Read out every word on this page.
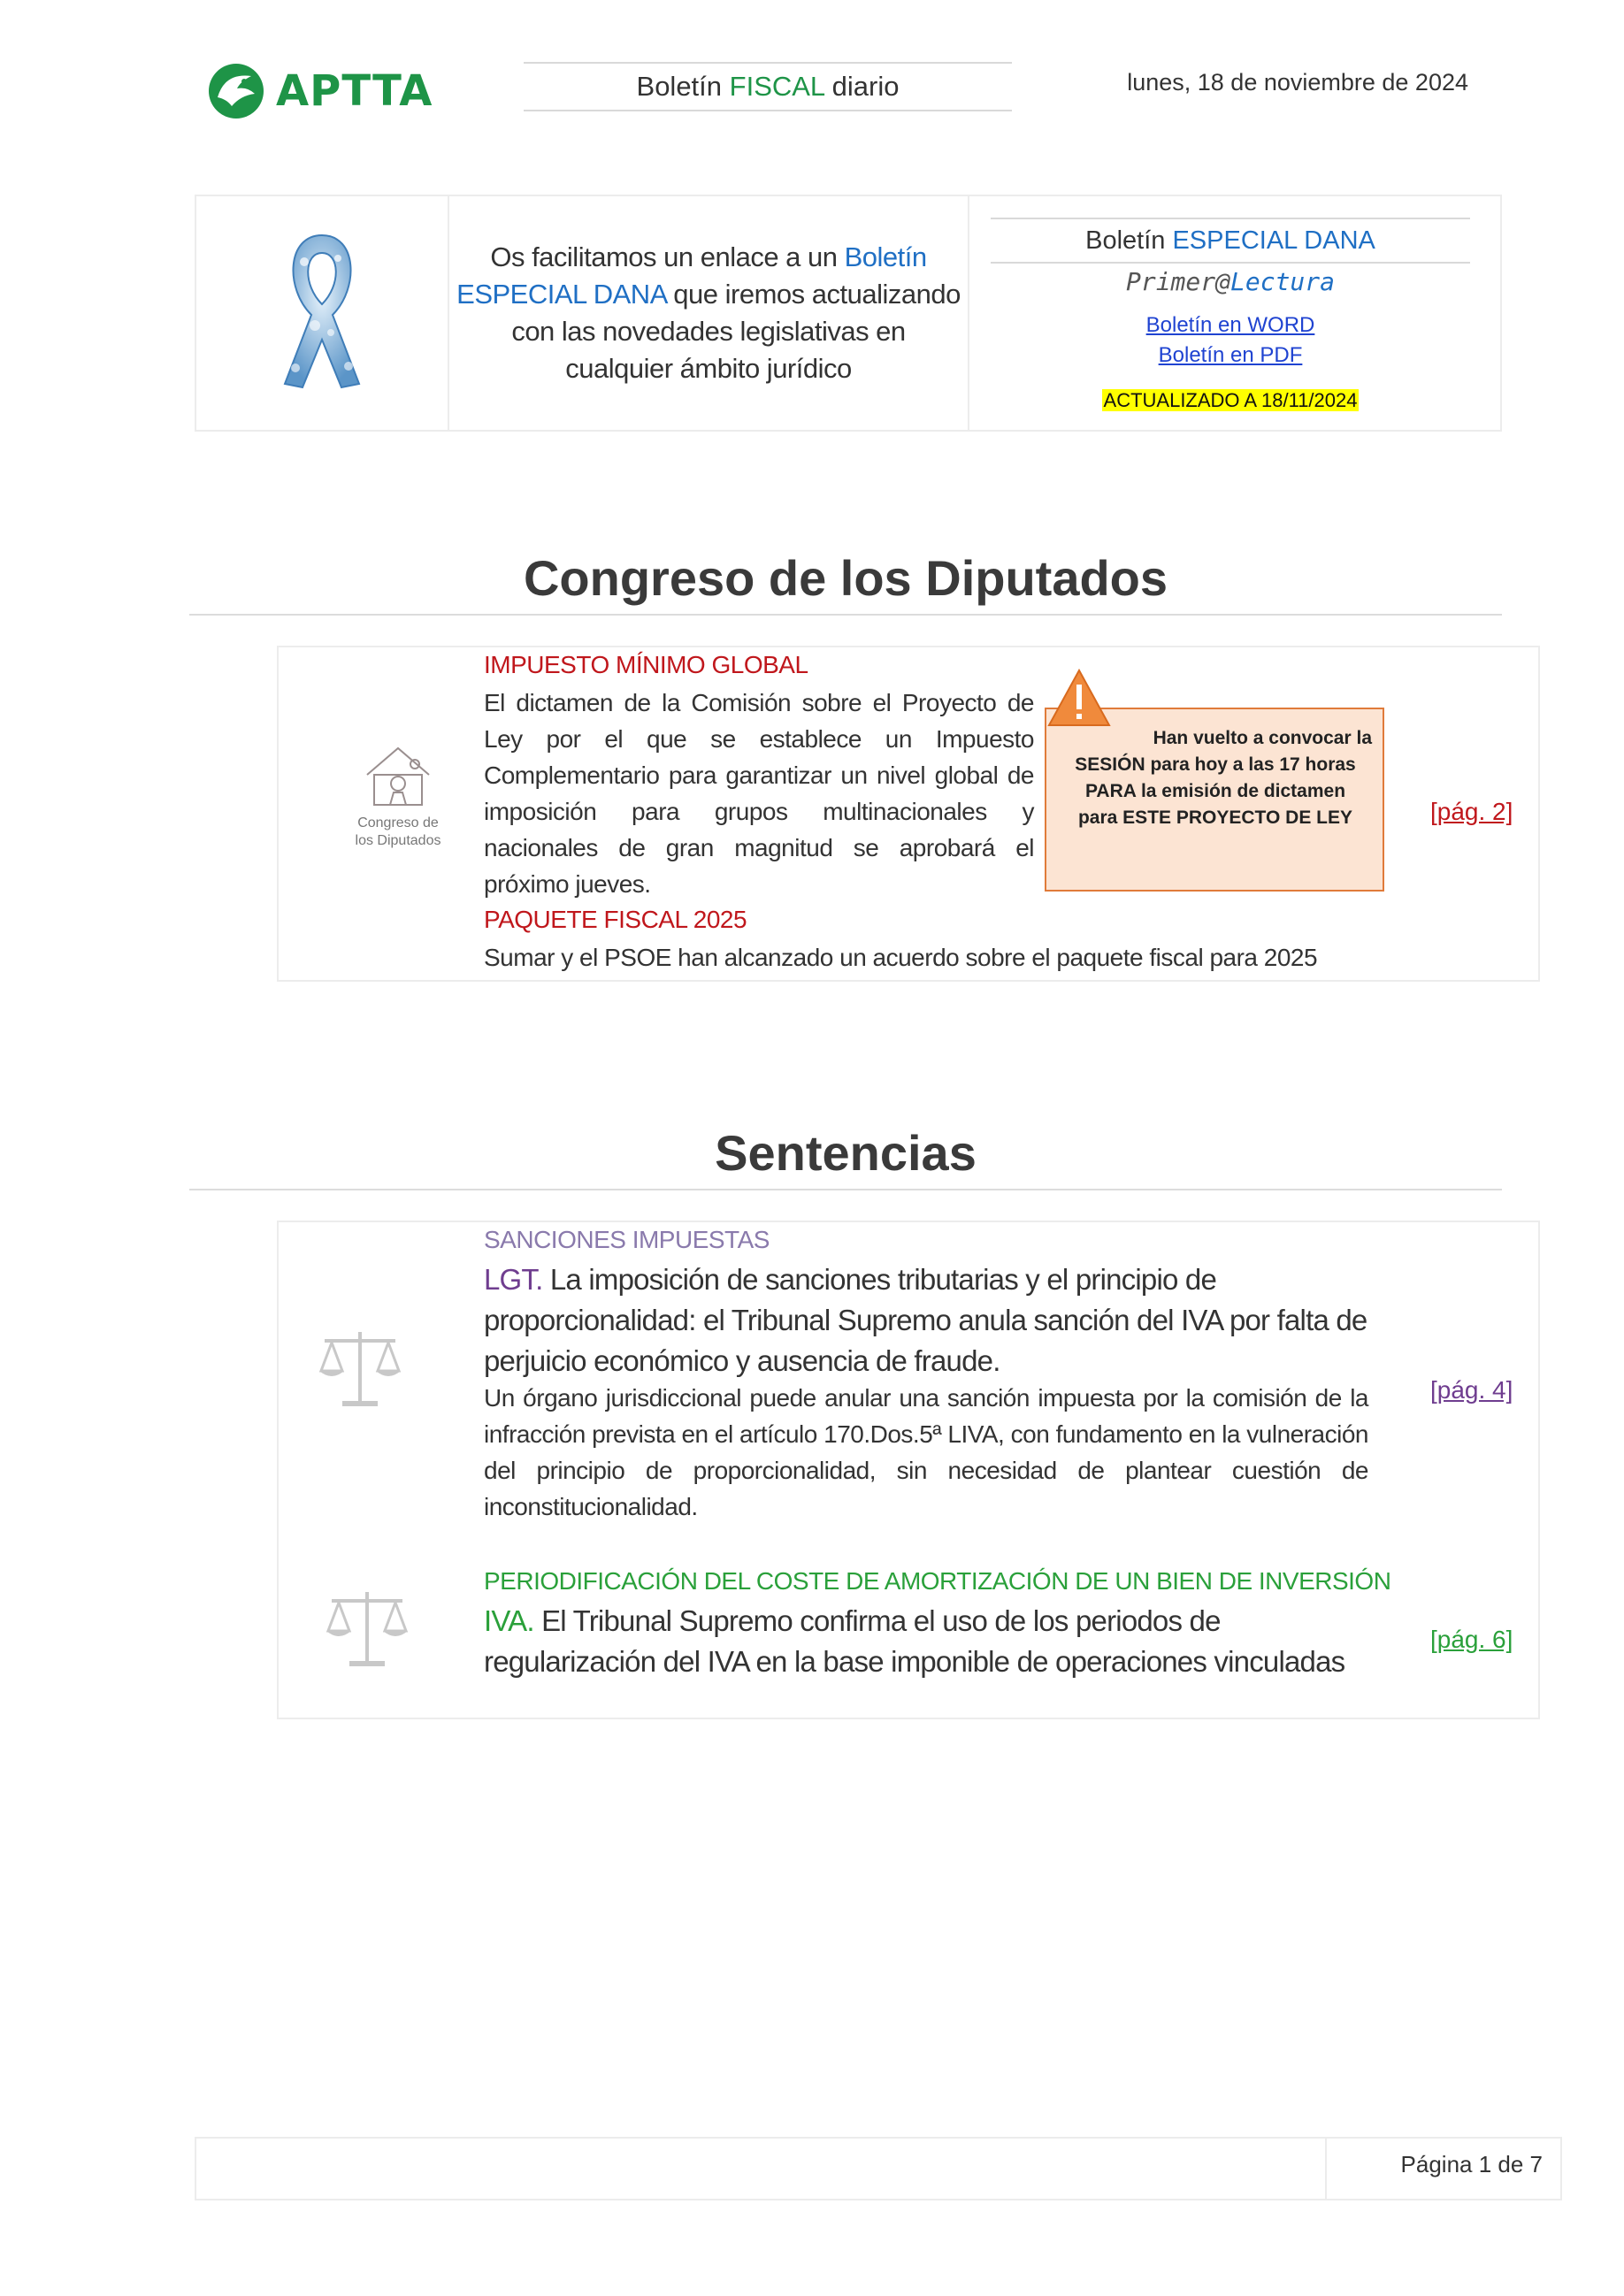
APTTA	Boletín FISCAL diario	lunes, 18 de noviembre de 2024
Os facilitamos un enlace a un Boletín
ESPECIAL DANA que iremos actualizando
con las novedades legislativas en
cualquier ámbito jurídico
Boletín ESPECIAL DANA
Primer@Lectura
Boletín en WORD
Boletín en PDF
ACTUALIZADO A 18/11/2024
Congreso de los Diputados
Congreso de
los Diputados
IMPUESTO MÍNIMO GLOBAL
El dictamen de la Comisión sobre el Proyecto de Ley por el que se establece un Impuesto Complementario para garantizar un nivel global de imposición para grupos multinacionales y nacionales de gran magnitud se aprobará el próximo jueves.
PAQUETE FISCAL 2025
Sumar y el PSOE han alcanzado un acuerdo sobre el paquete fiscal para 2025
[pág. 2]
Han vuelto a convocar la
SESIÓN para hoy a las 17 horas
PARA la emisión de dictamen
para ESTE PROYECTO DE LEY
Sentencias
SANCIONES IMPUESTAS
LGT. La imposición de sanciones tributarias y el principio de proporcionalidad: el Tribunal Supremo anula sanción del IVA por falta de perjuicio económico y ausencia de fraude.
Un órgano jurisdiccional puede anular una sanción impuesta por la comisión de la infracción prevista en el artículo 170.Dos.5ª LIVA, con fundamento en la vulneración del principio de proporcionalidad, sin necesidad de plantear cuestión de inconstitucionalidad.
[pág. 4]
PERIODIFICACIÓN DEL COSTE DE AMORTIZACIÓN DE UN BIEN DE INVERSIÓN
IVA. El Tribunal Supremo confirma el uso de los periodos de regularización del IVA en la base imponible de operaciones vinculadas
[pág. 6]
Página 1 de 7
